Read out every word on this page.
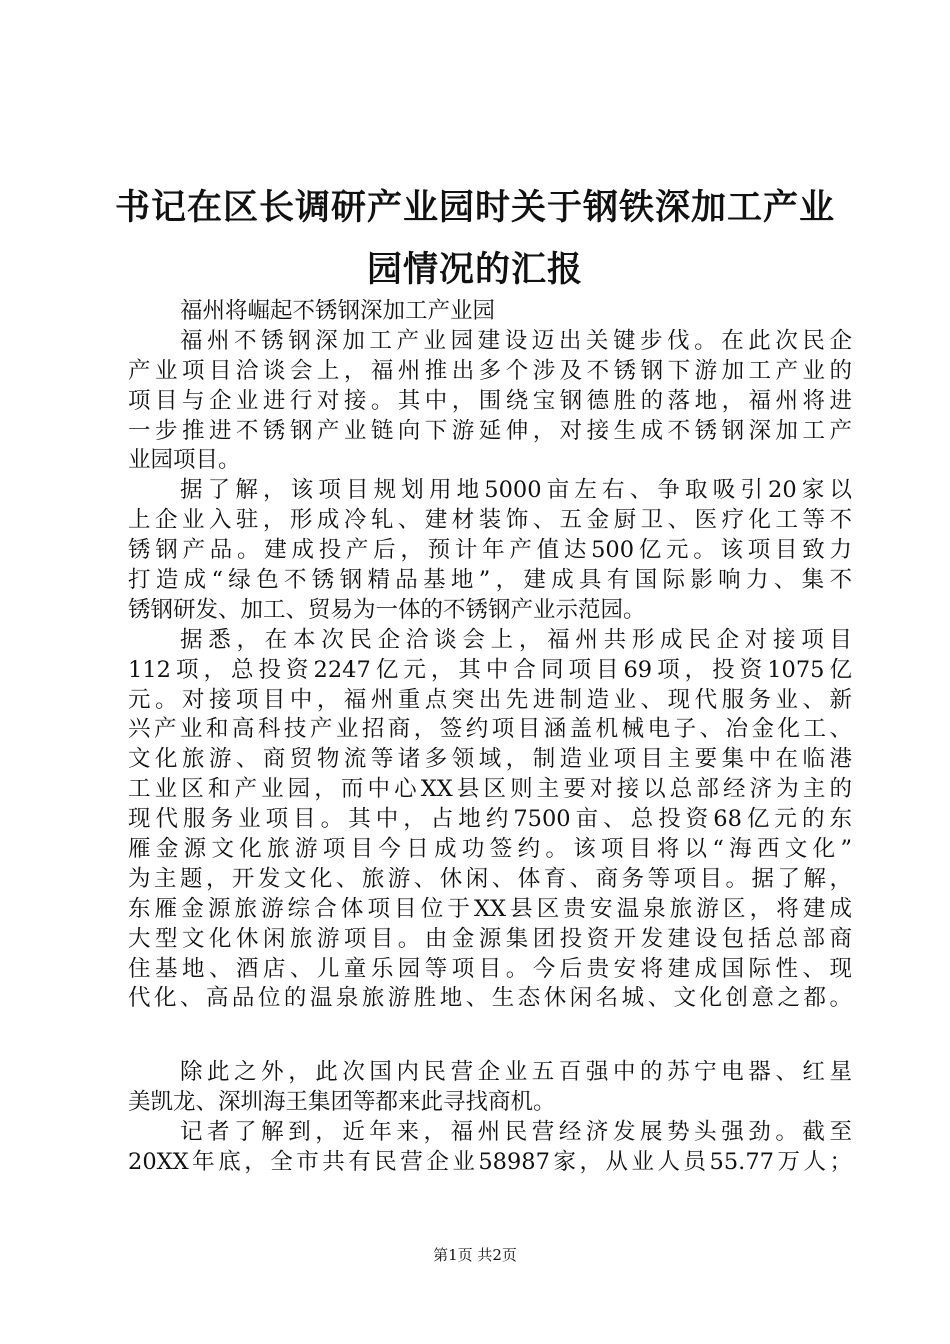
书记在区长调研产业园时关于钢铁深加工产业
园情况的汇报
福州将崛起不锈钢深加工产业园
福州不锈钢深加工产业园建设迈出关键步伐。在此次民企
产业项目洽谈会上，福州推出多个涉及不锈钢下游加工产业的
项目与企业进行对接。其中，围绕宝钢德胜的落地，福州将进
一步推进不锈钢产业链向下游延伸，对接生成不锈钢深加工产
业园项目。
据了解，该项目规划用地5000亩左右、争取吸引20家以
上企业入驻，形成冷轧、建材装饰、五金厨卫、医疗化工等不
锈钢产品。建成投产后，预计年产值达500亿元。该项目致力
打造成“绿色不锈钢精品基地”，建成具有国际影响力、集不
锈钢研发、加工、贸易为一体的不锈钢产业示范园。
据悉，在本次民企洽谈会上，福州共形成民企对接项目
112项，总投资2247亿元，其中合同项目69项，投资1075亿
元。对接项目中，福州重点突出先进制造业、现代服务业、新
兴产业和高科技产业招商，签约项目涵盖机械电子、冶金化工、
文化旅游、商贸物流等诸多领域，制造业项目主要集中在临港
工业区和产业园，而中心XX县区则主要对接以总部经济为主的
现代服务业项目。其中，占地约7500亩、总投资68亿元的东
雁金源文化旅游项目今日成功签约。该项目将以“海西文化”
为主题，开发文化、旅游、休闲、体育、商务等项目。据了解，
东雁金源旅游综合体项目位于XX县区贵安温泉旅游区，将建成
大型文化休闲旅游项目。由金源集团投资开发建设包括总部商
住基地、酒店、儿童乐园等项目。今后贵安将建成国际性、现
代化、高品位的温泉旅游胜地、生态休闲名城、文化创意之都。
除此之外，此次国内民营企业五百强中的苏宁电器、红星
美凯龙、深圳海王集团等都来此寻找商机。
记者了解到，近年来，福州民营经济发展势头强劲。截至
20XX年底，全市共有民营企业58987家，从业人员55.77万人；
第1页 共2页
